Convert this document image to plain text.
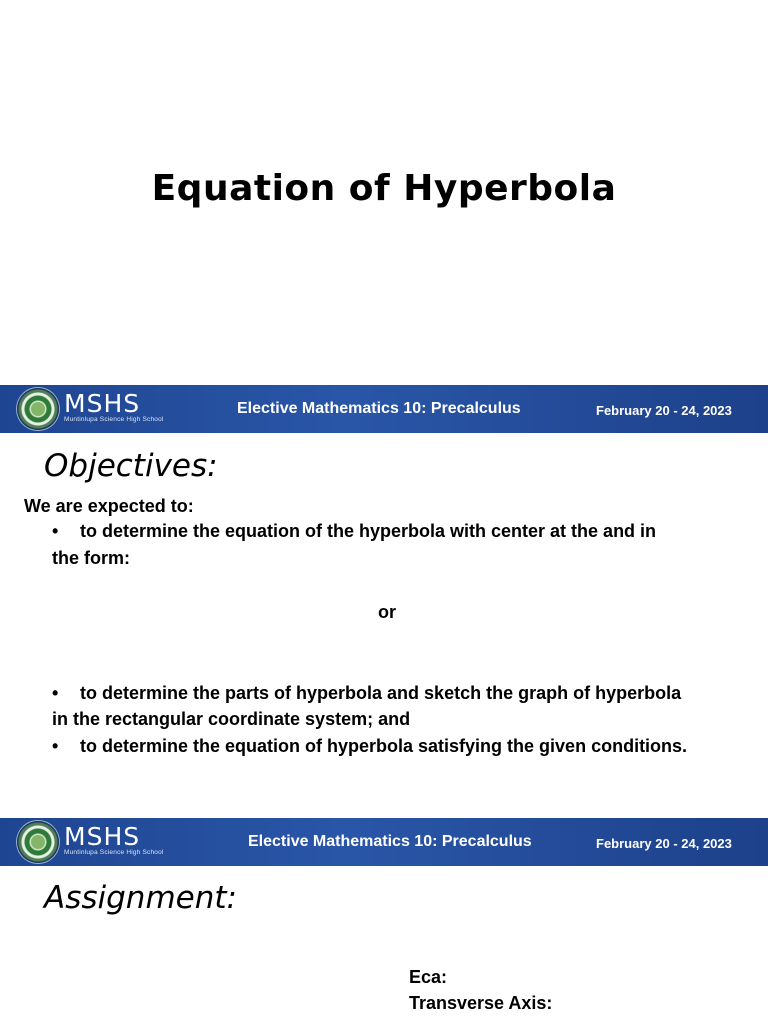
Equation of Hyperbola
MSHS
Muntinlupa Science High School
Elective Mathematics 10: Precalculus	February 20 - 24, 2023
Objectives:
We are expected to:
• to determine the equation of the hyperbola with center at the and in
the form:
or
• to determine the parts of hyperbola and sketch the graph of hyperbola
in the rectangular coordinate system; and
• to determine the equation of hyperbola satisfying the given conditions.
MSHS
Muntinlupa Science High School
Elective Mathematics 10: Precalculus	February 20 - 24, 2023
Assignment:
Eca:
Transverse Axis:
